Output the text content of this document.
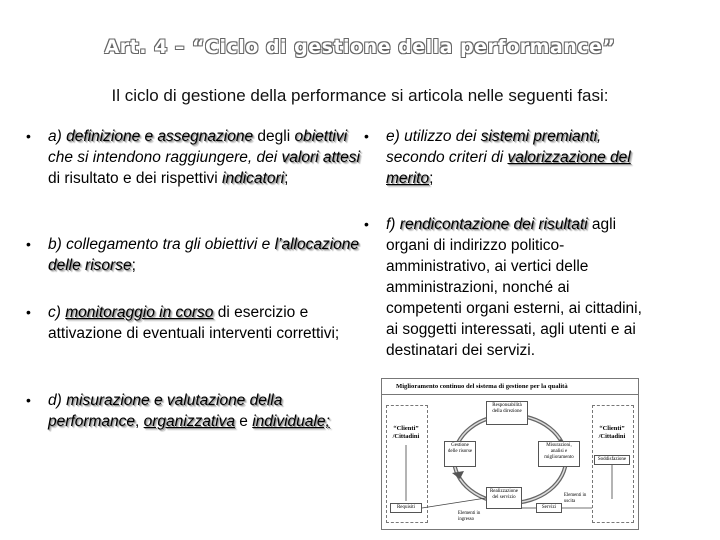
Art. 4 – “Ciclo di gestione della performance”
Il ciclo di gestione della performance si articola nelle seguenti fasi:
• a) definizione e assegnazione degli obiettivi che si intendono raggiungere, dei valori attesi di risultato e dei rispettivi indicatori;
• b) collegamento tra gli obiettivi e l’allocazione delle risorse;
• c) monitoraggio in corso di esercizio e attivazione di eventuali interventi correttivi;
• d) misurazione e valutazione della performance, organizzativa e individuale;
• e) utilizzo dei sistemi premianti, secondo criteri di valorizzazione del merito;
• f) rendicontazione dei risultati agli organi di indirizzo politico-amministrativo, ai vertici delle amministrazioni, nonché ai competenti organi esterni, ai cittadini, ai soggetti interessati, agli utenti e ai destinatari dei servizi.
Miglioramento continuo del sistema di gestione per la qualità
“Clienti” /Cittadini
“Clienti” /Cittadini
Requisiti
Soddisfazione
Responsabilità della direzione
Gestione delle risorse
Misurazioni, analisi e miglioramento
Realizzazione del servizio
Servizi
Elementi in ingresso
Elementi in uscita
